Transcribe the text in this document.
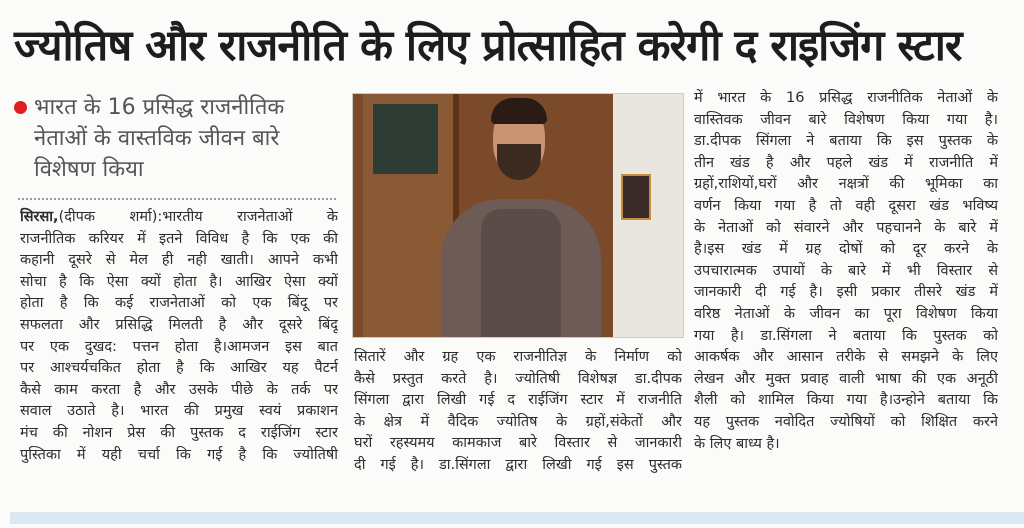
ज्योतिष और राजनीति के लिए प्रोत्साहित करेगी द राइजिंग स्टार
भारत के 16 प्रसिद्ध राजनीतिक नेताओं के वास्तविक जीवन बारे विशेषण किया
सिरसा,(दीपक शर्मा):भारतीय राजनेताओं के
राजनीतिक करियर में इतने विविध है कि एक की
कहानी दूसरे से मेल ही नही खाती। आपने कभी
सोचा है कि ऐसा क्यों होता है। आखिर ऐसा क्यों
होता है कि कई राजनेताओं को एक बिंदू पर
सफलता और प्रसिद्धि मिलती है और दूसरे बिंदू
पर एक दुखद: पत्तन होता है।आमजन इस बात
पर आश्चर्यचकित होता है कि आखिर यह पैटर्न
कैसे काम करता है और उसके पीछे के तर्क पर
सवाल उठाते है। भारत की प्रमुख स्वयं प्रकाशन
मंच की नोशन प्रेस की पुस्तक द राईजिंग स्टार
पुस्तिका में यही चर्चा कि गई है कि ज्योतिषी
सितारें और ग्रह एक राजनीतिज्ञ के निर्माण को
कैसे प्रस्तुत करते है। ज्योतिषी विशेषज्ञ डा.दीपक
सिंगला द्वारा लिखी गई द राईजिंग स्टार में राजनीति
के क्षेत्र में वैदिक ज्योतिष के ग्रहों,संकेतों और
घरों रहस्यमय कामकाज बारे विस्तार से जानकारी
दी गई है। डा.सिंगला द्वारा लिखी गई इस पुस्तक
में भारत के 16 प्रसिद्ध राजनीतिक नेताओं के
वास्तिवक जीवन बारे विशेषण किया गया है।
डा.दीपक सिंगला ने बताया कि इस पुस्तक के
तीन खंड है और पहले खंड में राजनीति में
ग्रहों,राशियों,घरों और नक्षत्रों की भूमिका का
वर्णन किया गया है तो वही दूसरा खंड भविष्य
के नेताओं को संवारने और पहचानने के बारे में
है।इस खंड में ग्रह दोषों को दूर करने के
उपचारात्मक उपायों के बारे में भी विस्तार से
जानकारी दी गई है। इसी प्रकार तीसरे खंड में
वरिष्ठ नेताओं के जीवन का पूरा विशेषण किया
गया है। डा.सिंगला ने बताया कि पुस्तक को
आकर्षक और आसान तरीके से समझने के लिए
लेखन और मुक्त प्रवाह वाली भाषा की एक अनूठी
शैली को शामिल किया गया है।उन्होने बताया कि
यह पुस्तक नवोदित ज्योषियों को शिक्षित करने
के लिए बाध्य है।
